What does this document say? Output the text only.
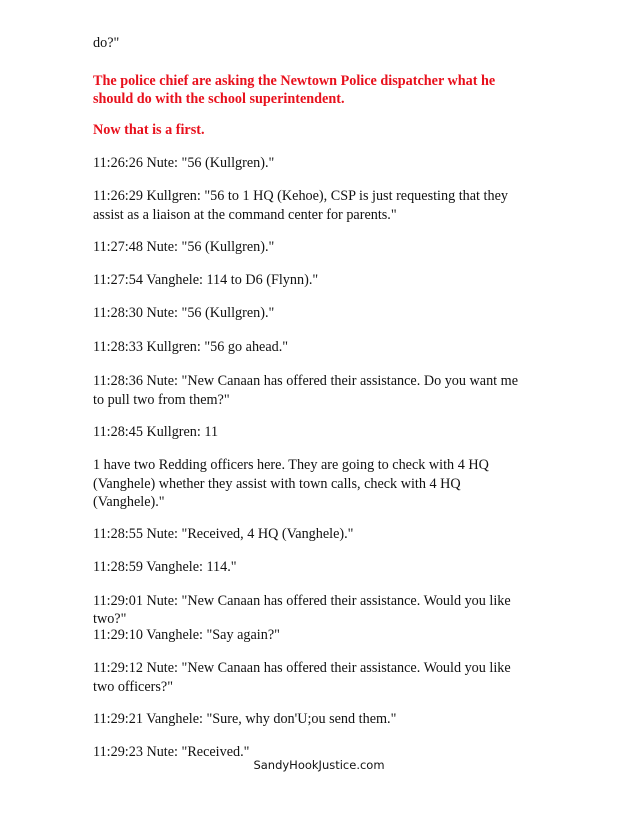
do?"
The police chief are asking the Newtown Police dispatcher what he
should do with the school superintendent.
Now that is a first.
11:26:26 Nute: "56 (Kullgren)."
11:26:29 Kullgren: "56 to 1 HQ (Kehoe), CSP is just requesting that they
assist as a liaison at the command center for parents."
11:27:48 Nute: "56 (Kullgren)."
11:27:54 Vanghele: 114 to D6 (Flynn)."
11:28:30 Nute: "56 (Kullgren)."
11:28:33 Kullgren: "56 go ahead."
11:28:36 Nute: "New Canaan has offered their assistance. Do you want me
to pull two from them?"
11:28:45 Kullgren: 11
1 have two Redding officers here. They are going to check with 4 HQ
(Vanghele) whether they assist with town calls, check with 4 HQ
(Vanghele)."
11:28:55 Nute: "Received, 4 HQ (Vanghele)."
11:28:59 Vanghele: 114."
11:29:01 Nute: "New Canaan has offered their assistance. Would you like
two?"
11:29:10 Vanghele: "Say again?"
11:29:12 Nute: "New Canaan has offered their assistance. Would you like
two officers?"
11:29:21 Vanghele: "Sure, why don'U;ou send them."
11:29:23 Nute: "Received."
SandyHookJustice.com
